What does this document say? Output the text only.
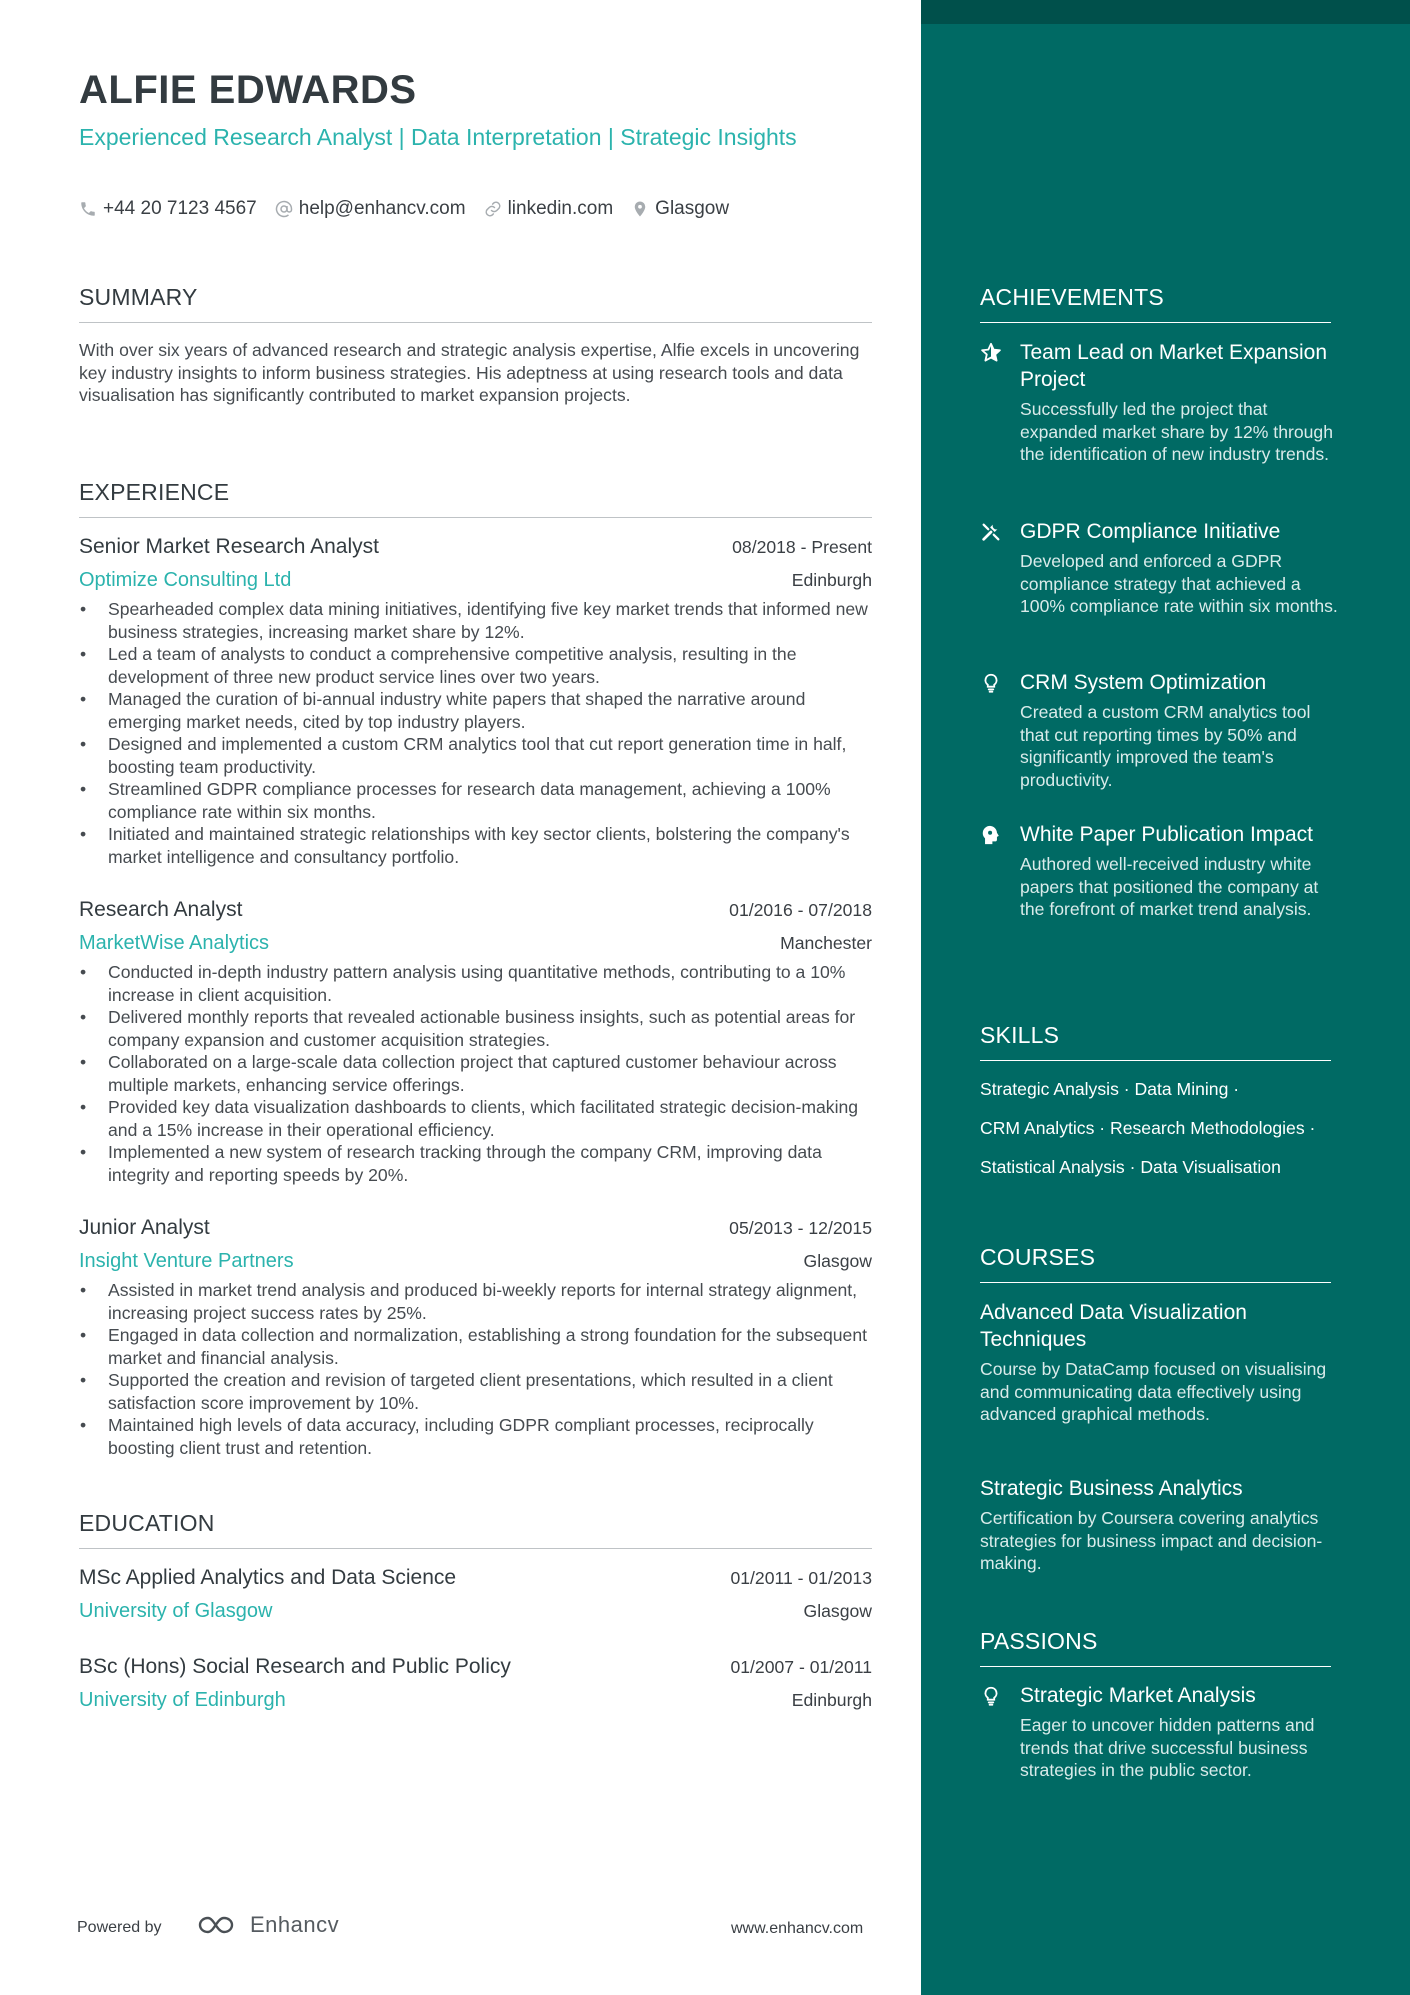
ALFIE EDWARDS
Experienced Research Analyst | Data Interpretation | Strategic Insights
+44 20 7123 4567 help@enhancv.com linkedin.com Glasgow
SUMMARY
With over six years of advanced research and strategic analysis expertise, Alfie excels in uncovering key industry insights to inform business strategies. His adeptness at using research tools and data visualisation has significantly contributed to market expansion projects.
EXPERIENCE
Senior Market Research Analyst	08/2018 - Present
Optimize Consulting Ltd	Edinburgh
• Spearheaded complex data mining initiatives, identifying five key market trends that informed new business strategies, increasing market share by 12%.
• Led a team of analysts to conduct a comprehensive competitive analysis, resulting in the development of three new product service lines over two years.
• Managed the curation of bi-annual industry white papers that shaped the narrative around emerging market needs, cited by top industry players.
• Designed and implemented a custom CRM analytics tool that cut report generation time in half, boosting team productivity.
• Streamlined GDPR compliance processes for research data management, achieving a 100% compliance rate within six months.
• Initiated and maintained strategic relationships with key sector clients, bolstering the company's market intelligence and consultancy portfolio.
Research Analyst	01/2016 - 07/2018
MarketWise Analytics	Manchester
• Conducted in-depth industry pattern analysis using quantitative methods, contributing to a 10% increase in client acquisition.
• Delivered monthly reports that revealed actionable business insights, such as potential areas for company expansion and customer acquisition strategies.
• Collaborated on a large-scale data collection project that captured customer behaviour across multiple markets, enhancing service offerings.
• Provided key data visualization dashboards to clients, which facilitated strategic decision-making and a 15% increase in their operational efficiency.
• Implemented a new system of research tracking through the company CRM, improving data integrity and reporting speeds by 20%.
Junior Analyst	05/2013 - 12/2015
Insight Venture Partners	Glasgow
• Assisted in market trend analysis and produced bi-weekly reports for internal strategy alignment, increasing project success rates by 25%.
• Engaged in data collection and normalization, establishing a strong foundation for the subsequent market and financial analysis.
• Supported the creation and revision of targeted client presentations, which resulted in a client satisfaction score improvement by 10%.
• Maintained high levels of data accuracy, including GDPR compliant processes, reciprocally boosting client trust and retention.
EDUCATION
MSc Applied Analytics and Data Science	01/2011 - 01/2013
University of Glasgow	Glasgow
BSc (Hons) Social Research and Public Policy	01/2007 - 01/2011
University of Edinburgh	Edinburgh
Powered by	Enhancv	www.enhancv.com
ACHIEVEMENTS
Team Lead on Market Expansion Project
Successfully led the project that expanded market share by 12% through the identification of new industry trends.
GDPR Compliance Initiative
Developed and enforced a GDPR compliance strategy that achieved a 100% compliance rate within six months.
CRM System Optimization
Created a custom CRM analytics tool that cut reporting times by 50% and significantly improved the team's productivity.
White Paper Publication Impact
Authored well-received industry white papers that positioned the company at the forefront of market trend analysis.
SKILLS
Strategic Analysis · Data Mining ·
CRM Analytics · Research Methodologies ·
Statistical Analysis · Data Visualisation
COURSES
Advanced Data Visualization Techniques
Course by DataCamp focused on visualising and communicating data effectively using advanced graphical methods.
Strategic Business Analytics
Certification by Coursera covering analytics strategies for business impact and decision-making.
PASSIONS
Strategic Market Analysis
Eager to uncover hidden patterns and trends that drive successful business strategies in the public sector.
